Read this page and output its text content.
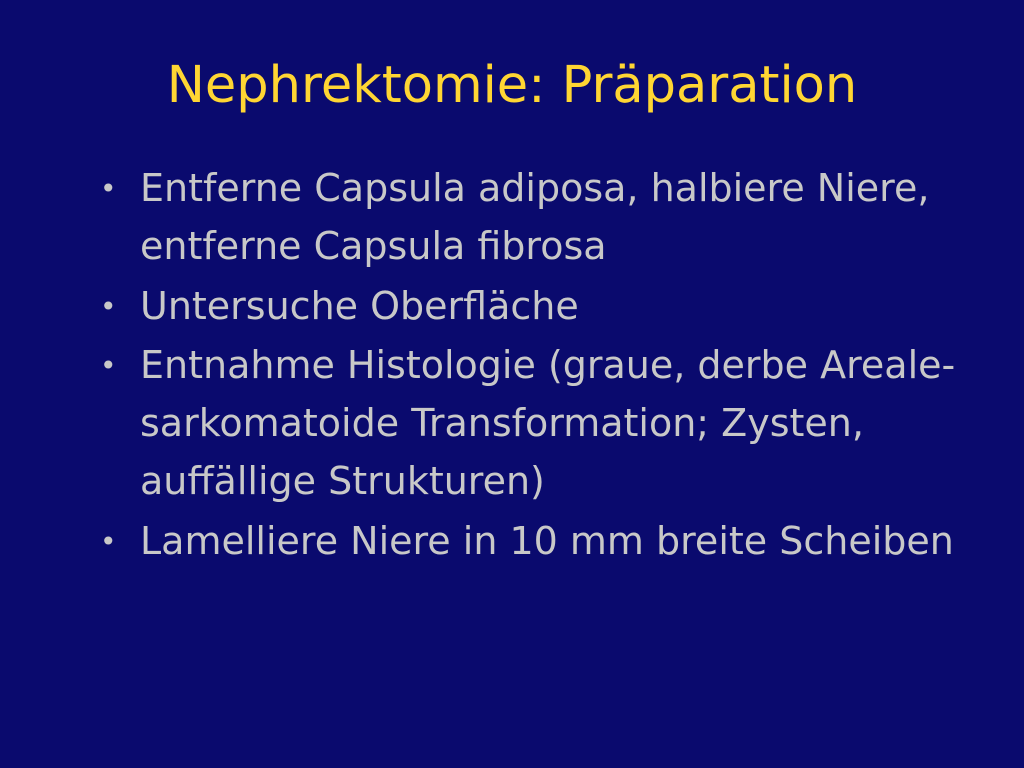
Nephrektomie: Präparation
• Entferne Capsula adiposa, halbiere Niere, entferne Capsula fibrosa
• Untersuche Oberfläche
• Entnahme Histologie (graue, derbe Areale-sarkomatoide Transformation; Zysten, auffällige Strukturen)
• Lamelliere Niere in 10 mm breite Scheiben
